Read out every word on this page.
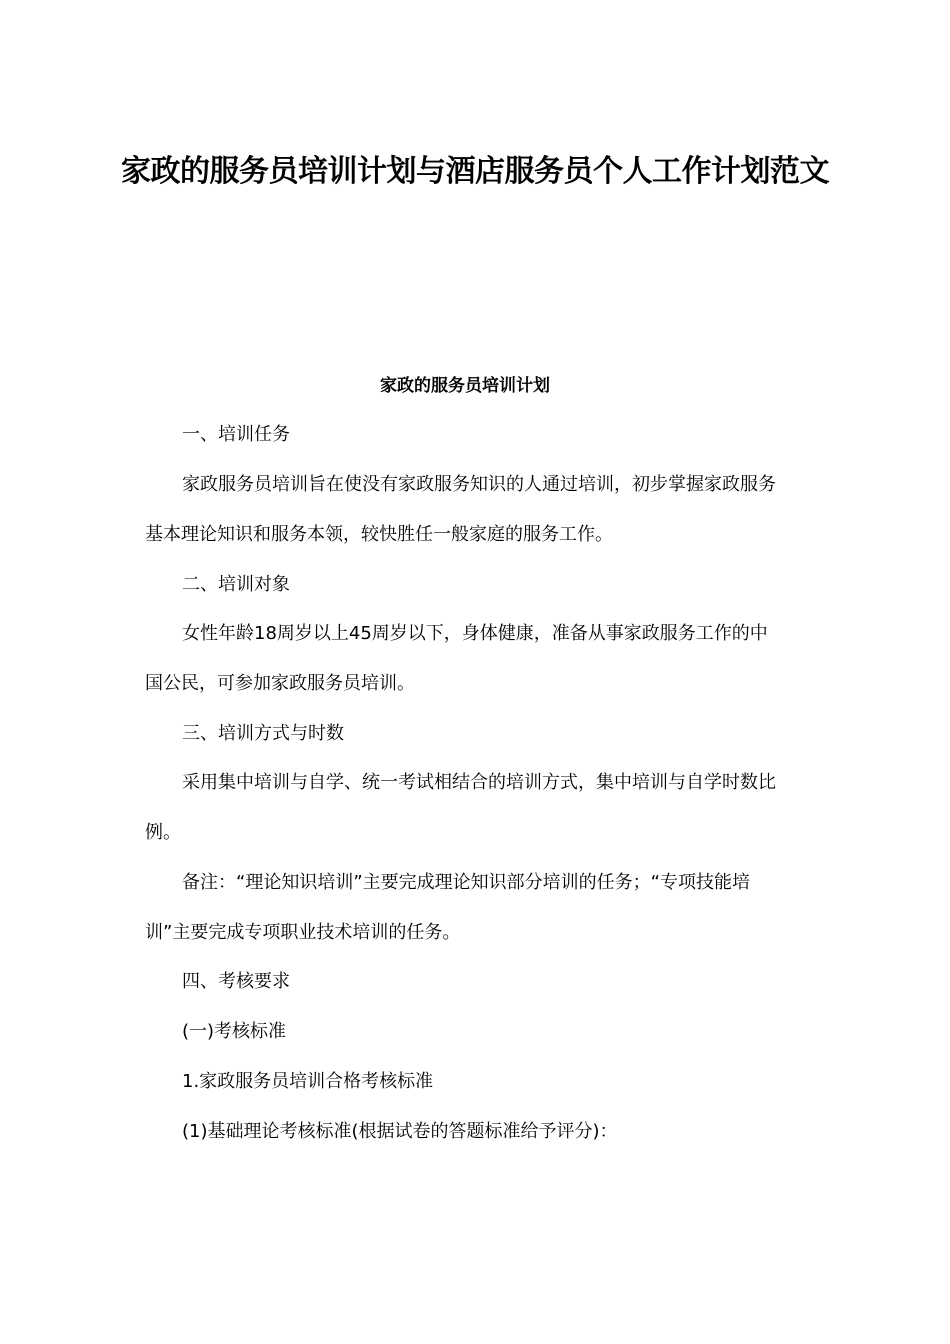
家政的服务员培训计划与酒店服务员个人工作计划范文
家政的服务员培训计划

一、培训任务

家政服务员培训旨在使没有家政服务知识的人通过培训，初步掌握家政服务基本理论知识和服务本领，较快胜任一般家庭的服务工作。

二、培训对象

女性年龄18周岁以上45周岁以下，身体健康，准备从事家政服务工作的中国公民，可参加家政服务员培训。

三、培训方式与时数

采用集中培训与自学、统一考试相结合的培训方式，集中培训与自学时数比例。

备注：“理论知识培训”主要完成理论知识部分培训的任务；“专项技能培训”主要完成专项职业技术培训的任务。

四、考核要求

(一)考核标准

1.家政服务员培训合格考核标准

(1)基础理论考核标准(根据试卷的答题标准给予评分)：
